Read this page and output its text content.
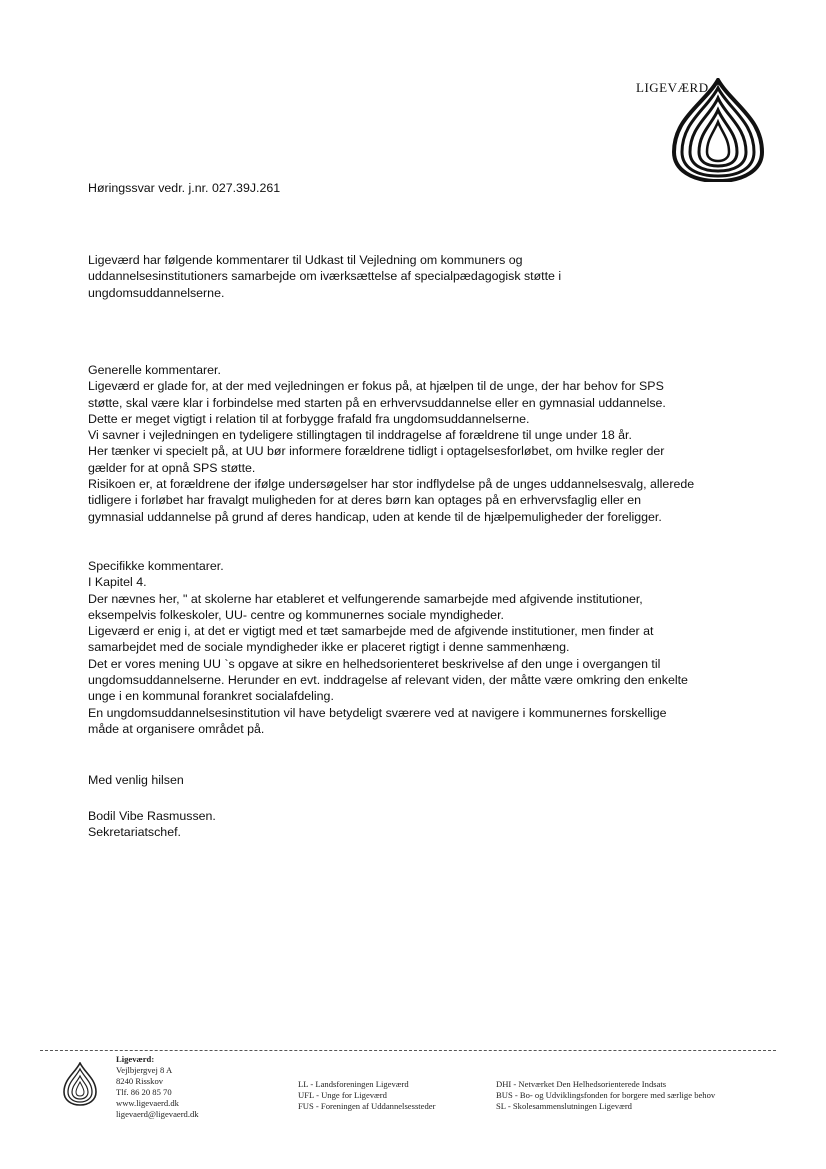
LIGEVÆRD
Høringssvar vedr. j.nr. 027.39J.261
Ligeværd har følgende kommentarer til Udkast til Vejledning om kommuners og
uddannelsesinstitutioners samarbejde om iværksættelse af specialpædagogisk støtte i
ungdomsuddannelserne.
Generelle kommentarer.
Ligeværd er glade for, at der med vejledningen er fokus på, at hjælpen til de unge, der har behov for SPS
støtte, skal være klar i forbindelse med starten på en erhvervsuddannelse eller en gymnasial uddannelse.
Dette er meget vigtigt i relation til at forbygge frafald fra ungdomsuddannelserne.
Vi savner i vejledningen en tydeligere stillingtagen til inddragelse af forældrene til unge under 18 år.
Her tænker vi specielt på, at UU bør informere forældrene tidligt i optagelsesforløbet, om hvilke regler der
gælder for at opnå SPS støtte.
Risikoen er, at forældrene der ifølge undersøgelser har stor indflydelse på de unges uddannelsesvalg, allerede
tidligere i forløbet har fravalgt muligheden for at deres børn kan optages på en erhvervsfaglig eller en
gymnasial uddannelse på grund af deres handicap, uden at kende til de hjælpemuligheder der foreligger.
Specifikke kommentarer.
I Kapitel 4.
Der nævnes her, " at skolerne har etableret et velfungerende samarbejde med afgivende institutioner,
eksempelvis folkeskoler, UU- centre og kommunernes sociale myndigheder.
Ligeværd er enig i, at det er vigtigt med et tæt samarbejde med de afgivende institutioner, men finder at
samarbejdet med de sociale myndigheder ikke er placeret rigtigt i denne sammenhæng.
Det er vores mening UU `s opgave at sikre en helhedsorienteret beskrivelse af den unge i overgangen til
ungdomsuddannelserne. Herunder en evt. inddragelse af relevant viden, der måtte være omkring den enkelte
unge i en kommunal forankret socialafdeling.
En ungdomsuddannelsesinstitution vil have betydeligt sværere ved at navigere i kommunernes forskellige
måde at organisere området på.
Med venlig hilsen
Bodil Vibe Rasmussen.
Sekretariatschef.
Ligeværd:
Vejlbjergvej 8 A
8240 Risskov
Tlf. 86 20 85 70
www.ligevaerd.dk
ligevaerd@ligevaerd.dk
LL - Landsforeningen Ligeværd
UFL - Unge for Ligeværd
FUS - Foreningen af Uddannelsessteder
DHI - Netværket Den Helhedsorienterede Indsats
BUS - Bo- og Udviklingsfonden for borgere med særlige behov
SL - Skolesammenslutningen Ligeværd
